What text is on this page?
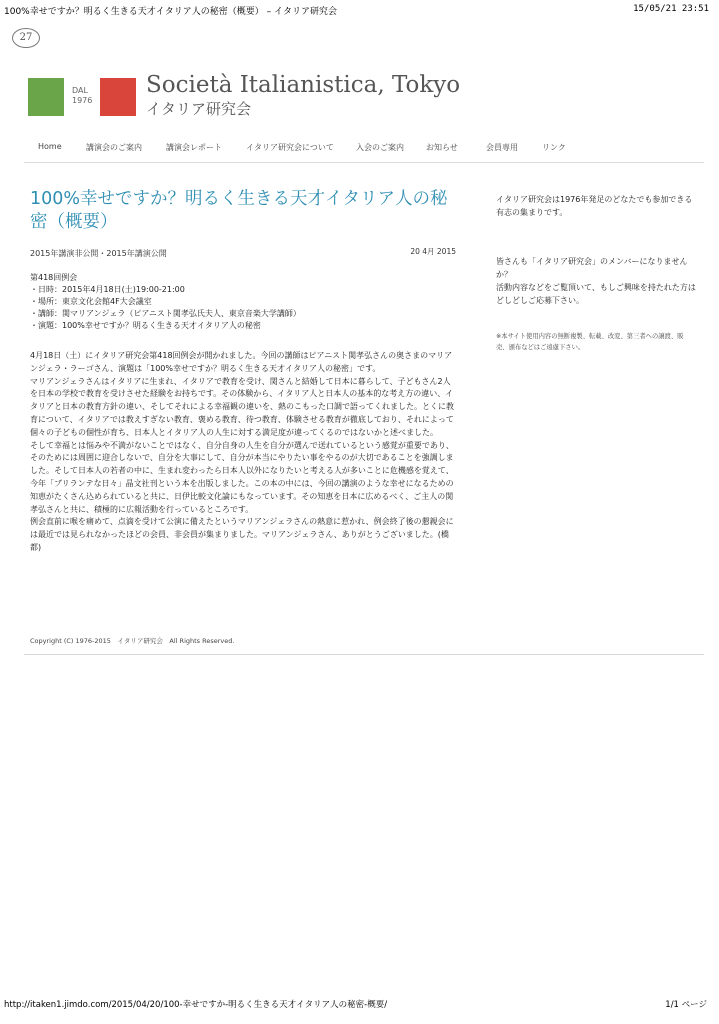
100%幸せですか？明るく生きる天才イタリア人の秘密（概要） – イタリア研究会	15/05/21 23:51
27
DAL
1976
Società Italianistica, Tokyo
イタリア研究会
Home	講演会のご案内	講演会レポート	イタリア研究会について	入会のご案内	お知らせ	会員専用	リンク
100%幸せですか？明るく生きる天才イタリア人の秘密（概要）
2015年講演非公開・2015年講演公開	20 4月 2015
第418回例会
・日時：2015年4月18日(土)19:00-21:00
・場所：東京文化会館4F大会議室
・講師：関マリアンジェラ（ピアニスト関孝弘氏夫人、東京音楽大学講師）
・演題：100%幸せですか？明るく生きる天才イタリア人の秘密

4月18日（土）にイタリア研究会第418回例会が開かれました。今回の講師はピアニスト関孝弘さんの奥さまのマリアンジェラ・ラーゴさん、演題は「100%幸せですか？明るく生きる天才イタリア人の秘密」です。

マリアンジェラさんはイタリアに生まれ、イタリアで教育を受け、関さんと結婚して日本に暮らして、子どもさん2人を日本の学校で教育を受けさせた経験をお持ちです。その体験から、イタリア人と日本人の基本的な考え方の違い、イタリアと日本の教育方針の違い、そしてそれによる幸福観の違いを、熱のこもった口調で語ってくれました。とくに教育について、イタリアでは教えすぎない教育、褒める教育、待つ教育、体験させる教育が徹底しており、それによって個々の子どもの個性が育ち、日本人とイタリア人の人生に対する満足度が違ってくるのではないかと述べました。

そして幸福とは悩みや不満がないことではなく、自分自身の人生を自分が選んで送れているという感覚が重要であり、そのためには周囲に迎合しないで、自分を大事にして、自分が本当にやりたい事をやるのが大切であることを強調しました。そして日本人の若者の中に、生まれ変わったら日本人以外になりたいと考える人が多いことに危機感を覚えて、今年「ブリランテな日々」晶文社刊という本を出版しました。この本の中には、今回の講演のような幸せになるための知恵がたくさん込められていると共に、日伊比較文化論にもなっています。その知恵を日本に広めるべく、ご主人の関孝弘さんと共に、積極的に広報活動を行っているところです。

例会直前に喉を痛めて、点滴を受けて公演に備えたというマリアンジェラさんの熱意に惹かれ、例会終了後の懇親会には最近では見られなかったほどの会員、非会員が集まりました。マリアンジェラさん、ありがとうございました。(橋都)

イタリア研究会は1976年発足のどなたでも参加できる有志の集まりです。

皆さんも「イタリア研究会」のメンバーになりませんか？

活動内容などをご覧頂いて、もしご興味を持たれた方はどしどしご応募下さい。

※本サイト使用内容の無断複製、転載、改変、第三者への譲渡、販売、頒布などはご遠慮下さい。

Copyright (C) 1976-2015　イタリア研究会　All Rights Reserved.
http://itaken1.jimdo.com/2015/04/20/100-幸せですか-明るく生きる天才イタリア人の秘密-概要/	1/1 ページ
